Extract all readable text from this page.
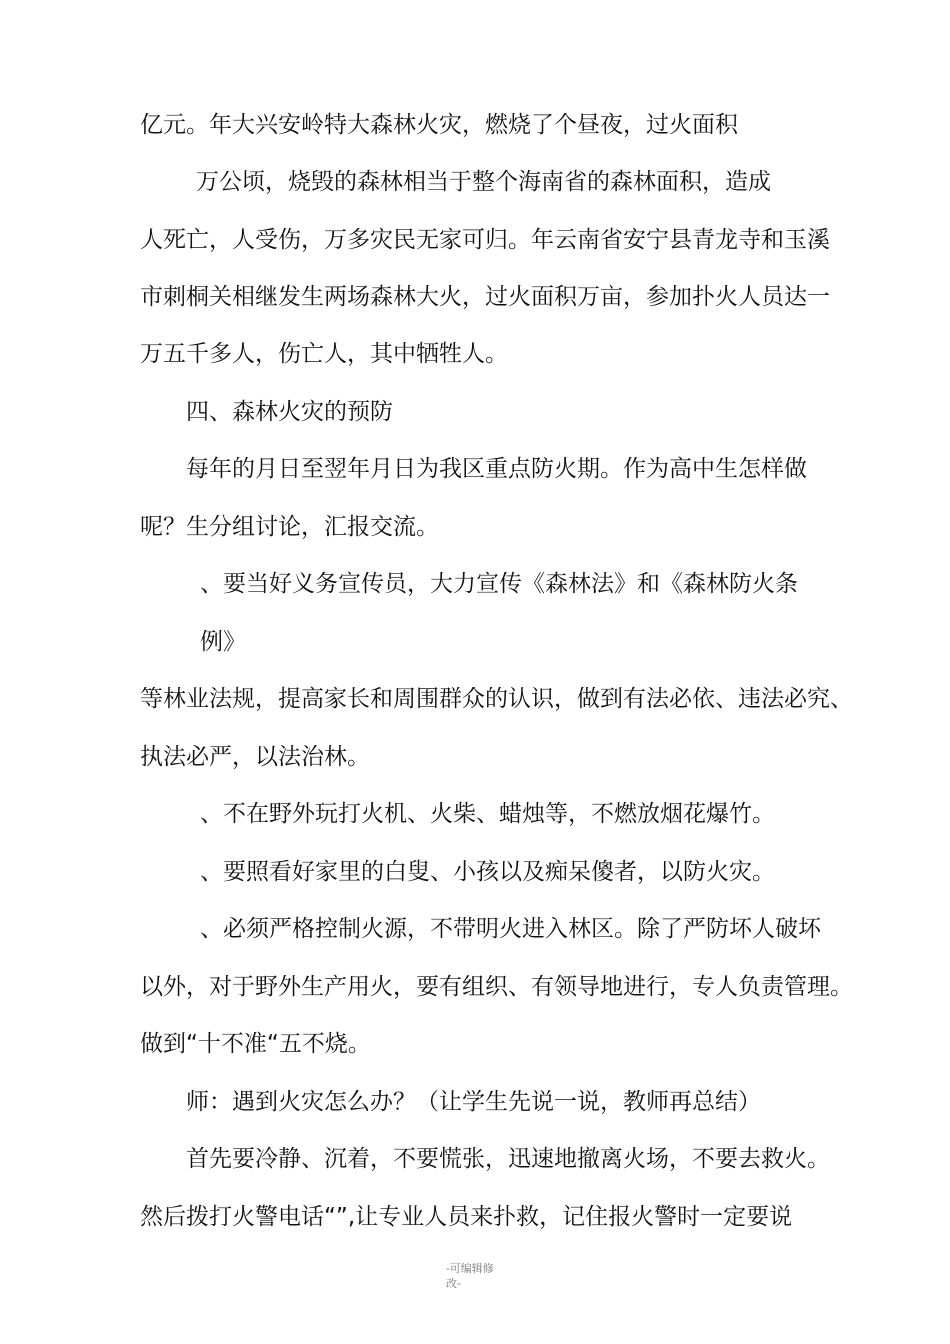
亿元。年大兴安岭特大森林火灾，燃烧了个昼夜，过火面积
万公顷，烧毁的森林相当于整个海南省的森林面积，造成
人死亡，人受伤，万多灾民无家可归。年云南省安宁县青龙寺和玉溪
市刺桐关相继发生两场森林大火，过火面积万亩，参加扑火人员达一
万五千多人，伤亡人，其中牺牲人。
四、森林火灾的预防
每年的月日至翌年月日为我区重点防火期。作为高中生怎样做
呢？生分组讨论，汇报交流。
、要当好义务宣传员，大力宣传《森林法》和《森林防火条
例》
等林业法规，提高家长和周围群众的认识，做到有法必依、违法必究、
执法必严，以法治林。
、不在野外玩打火机、火柴、蜡烛等，不燃放烟花爆竹。
、要照看好家里的白叟、小孩以及痴呆傻者，以防火灾。
、必须严格控制火源，不带明火进入林区。除了严防坏人破坏
以外，对于野外生产用火，要有组织、有领导地进行，专人负责管理。
做到“十不准“五不烧。
师：遇到火灾怎么办？（让学生先说一说，教师再总结）
首先要冷静、沉着，不要慌张，迅速地撤离火场，不要去救火。
然后拨打火警电话“”,让专业人员来扑救，记住报火警时一定要说
-可编辑修改-
